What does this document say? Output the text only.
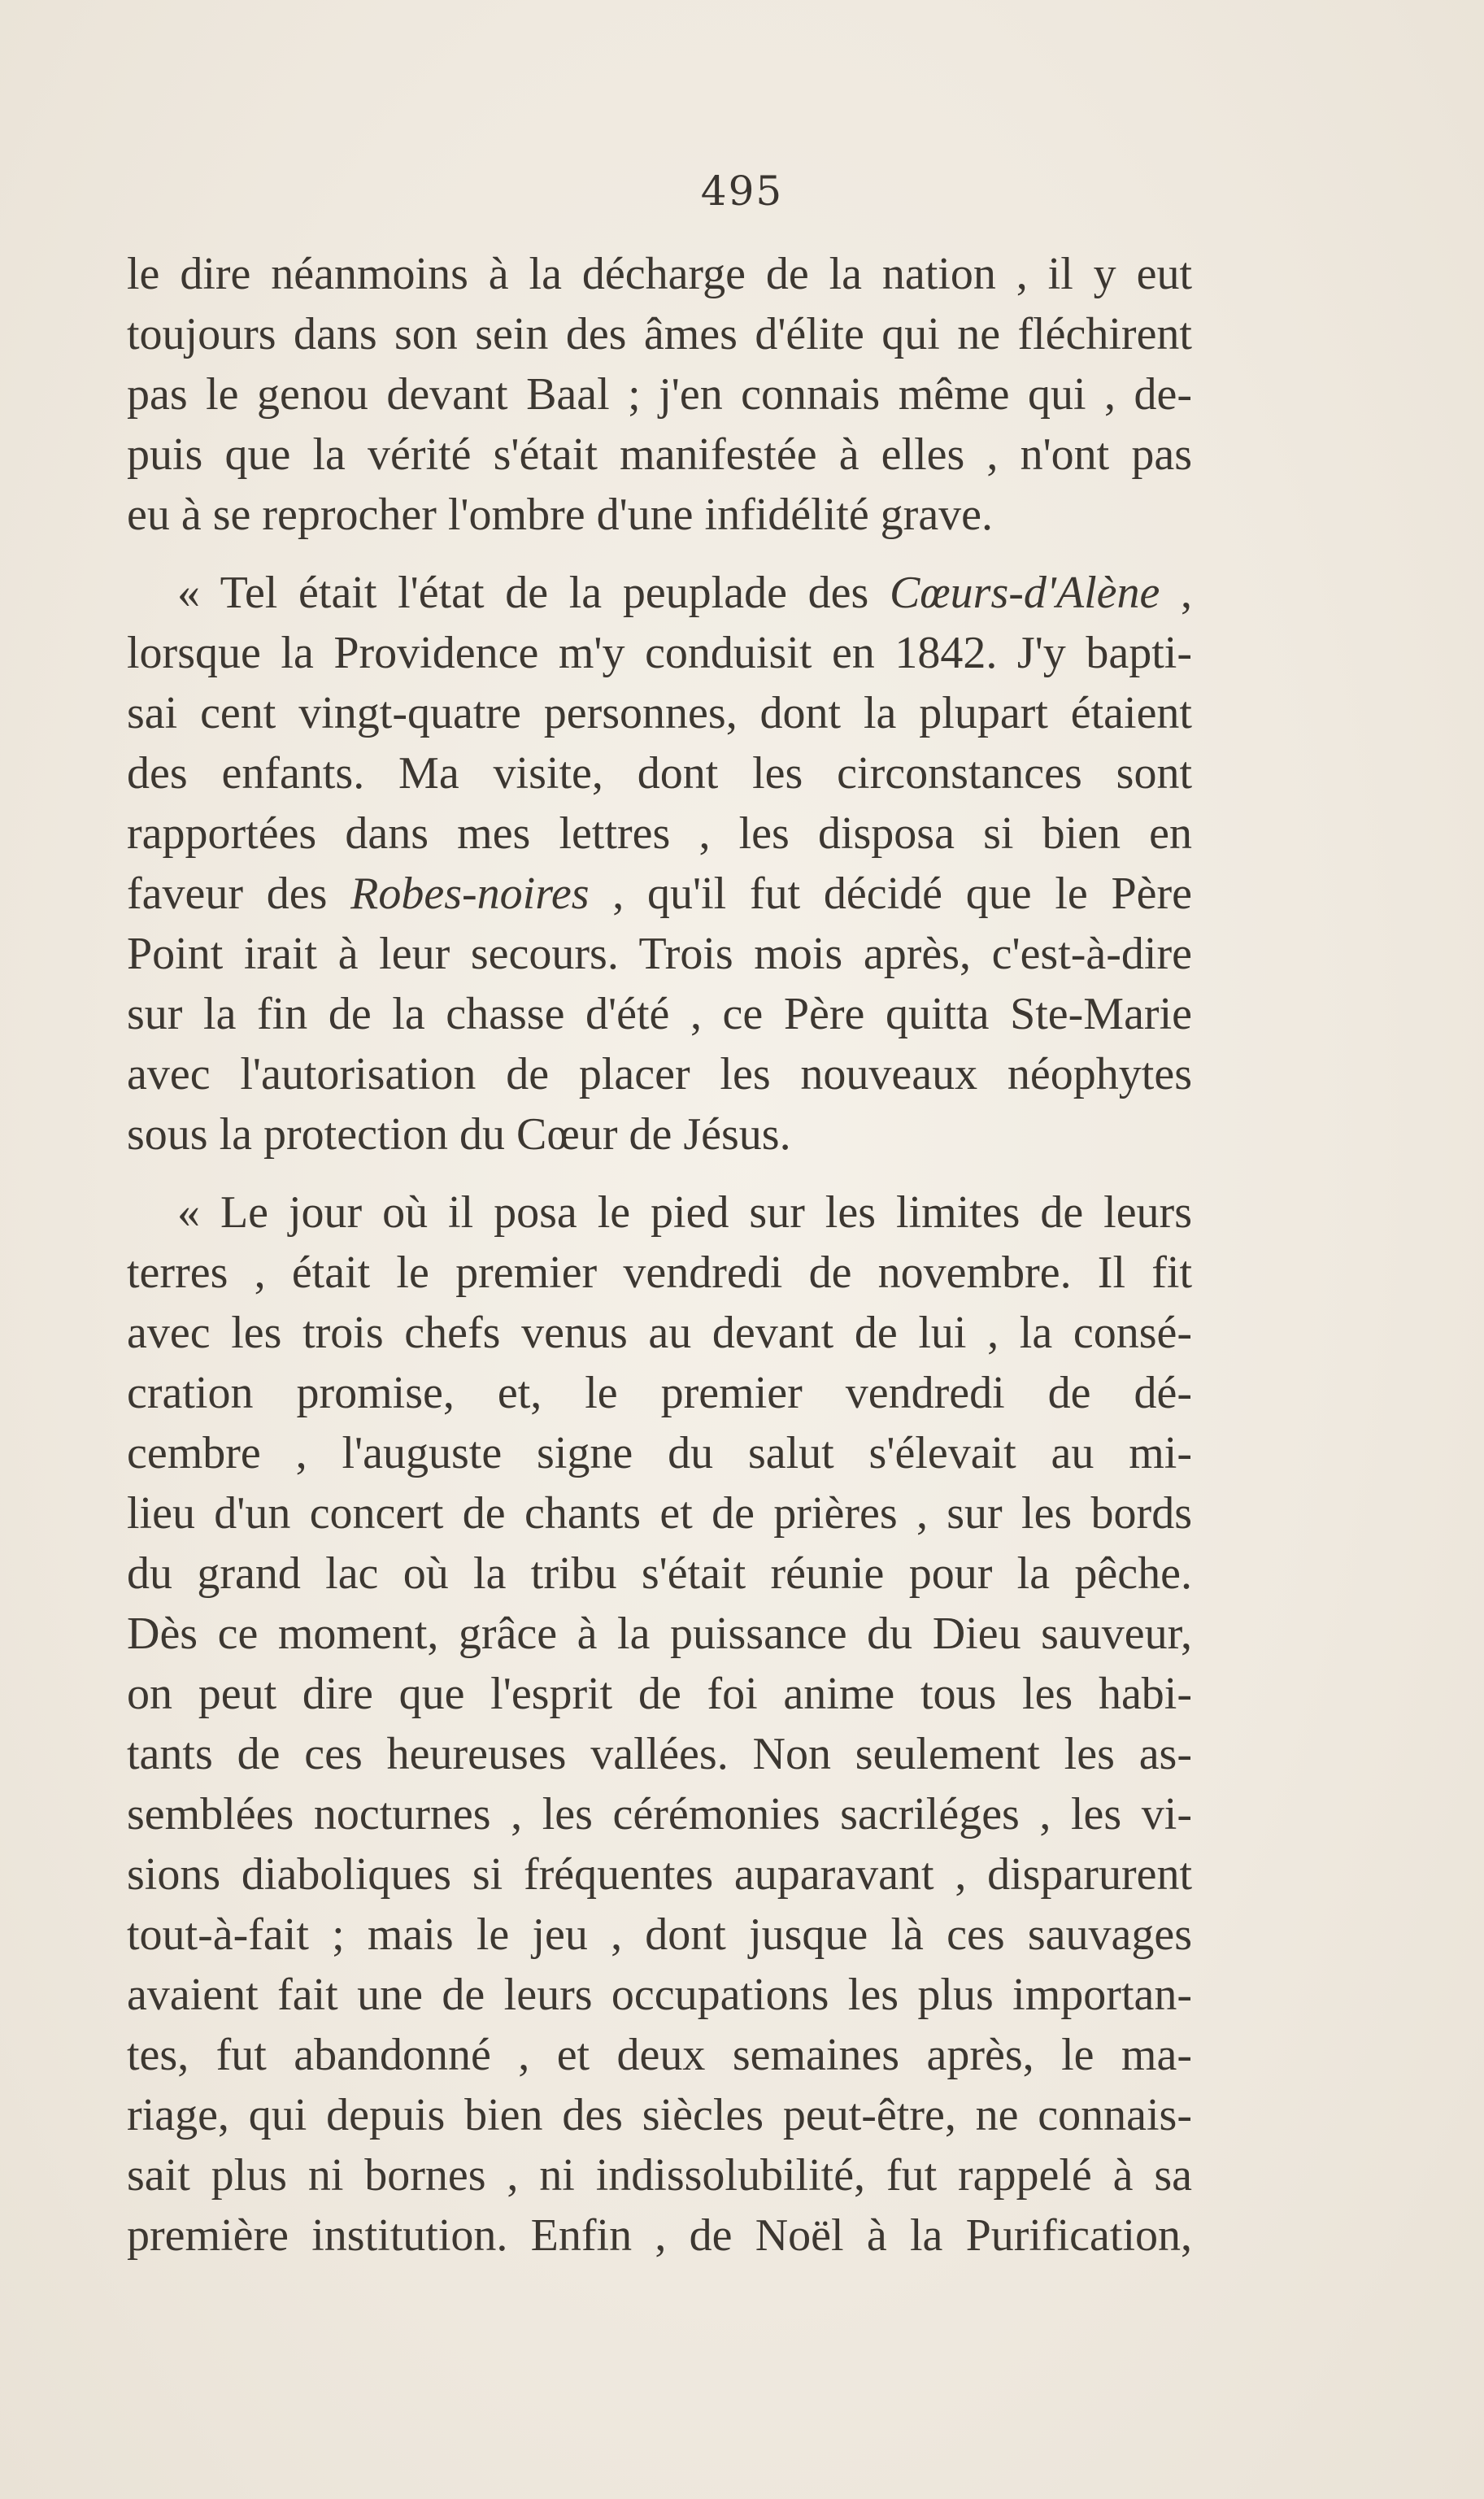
495

le dire néanmoins à la décharge de la nation , il y eut
toujours dans son sein des âmes d'élite qui ne fléchirent
pas le genou devant Baal ; j'en connais même qui , de-
puis que la vérité s'était manifestée à elles , n'ont pas
eu à se reprocher l'ombre d'une infidélité grave.

« Tel était l'état de la peuplade des Cœurs-d'Alène ,
lorsque la Providence m'y conduisit en 1842. J'y bapti-
sai cent vingt-quatre personnes, dont la plupart étaient
des enfants. Ma visite, dont les circonstances sont
rapportées dans mes lettres , les disposa si bien en
faveur des Robes-noires , qu'il fut décidé que le Père
Point irait à leur secours. Trois mois après, c'est-à-dire
sur la fin de la chasse d'été , ce Père quitta Ste-Marie
avec l'autorisation de placer les nouveaux néophytes
sous la protection du Cœur de Jésus.

« Le jour où il posa le pied sur les limites de leurs
terres , était le premier vendredi de novembre. Il fit
avec les trois chefs venus au devant de lui , la consé-
cration promise, et, le premier vendredi de dé-
cembre , l'auguste signe du salut s'élevait au mi-
lieu d'un concert de chants et de prières , sur les bords
du grand lac où la tribu s'était réunie pour la pêche.
Dès ce moment, grâce à la puissance du Dieu sauveur,
on peut dire que l'esprit de foi anime tous les habi-
tants de ces heureuses vallées. Non seulement les as-
semblées nocturnes , les cérémonies sacriléges , les vi-
sions diaboliques si fréquentes auparavant , disparurent
tout-à-fait ; mais le jeu , dont jusque là ces sauvages
avaient fait une de leurs occupations les plus importan-
tes, fut abandonné , et deux semaines après, le ma-
riage, qui depuis bien des siècles peut-être, ne connais-
sait plus ni bornes , ni indissolubilité, fut rappelé à sa
première institution. Enfin , de Noël à la Purification,
